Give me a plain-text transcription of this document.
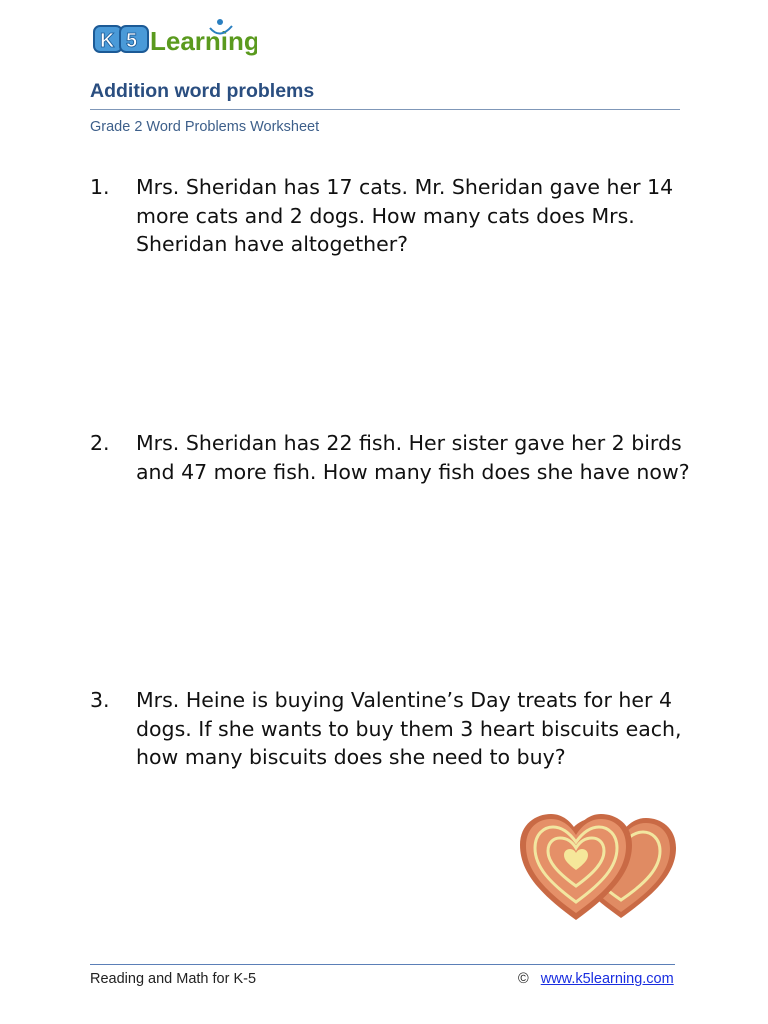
K 5 Learning
Addition word problems
Grade 2 Word Problems Worksheet
1. Mrs. Sheridan has 17 cats. Mr. Sheridan gave her 14 more cats and 2 dogs. How many cats does Mrs. Sheridan have altogether?
2. Mrs. Sheridan has 22 fish. Her sister gave her 2 birds and 47 more fish. How many fish does she have now?
3. Mrs. Heine is buying Valentine’s Day treats for her 4 dogs. If she wants to buy them 3 heart biscuits each, how many biscuits does she need to buy?
Reading and Math for K-5	© www.k5learning.com
